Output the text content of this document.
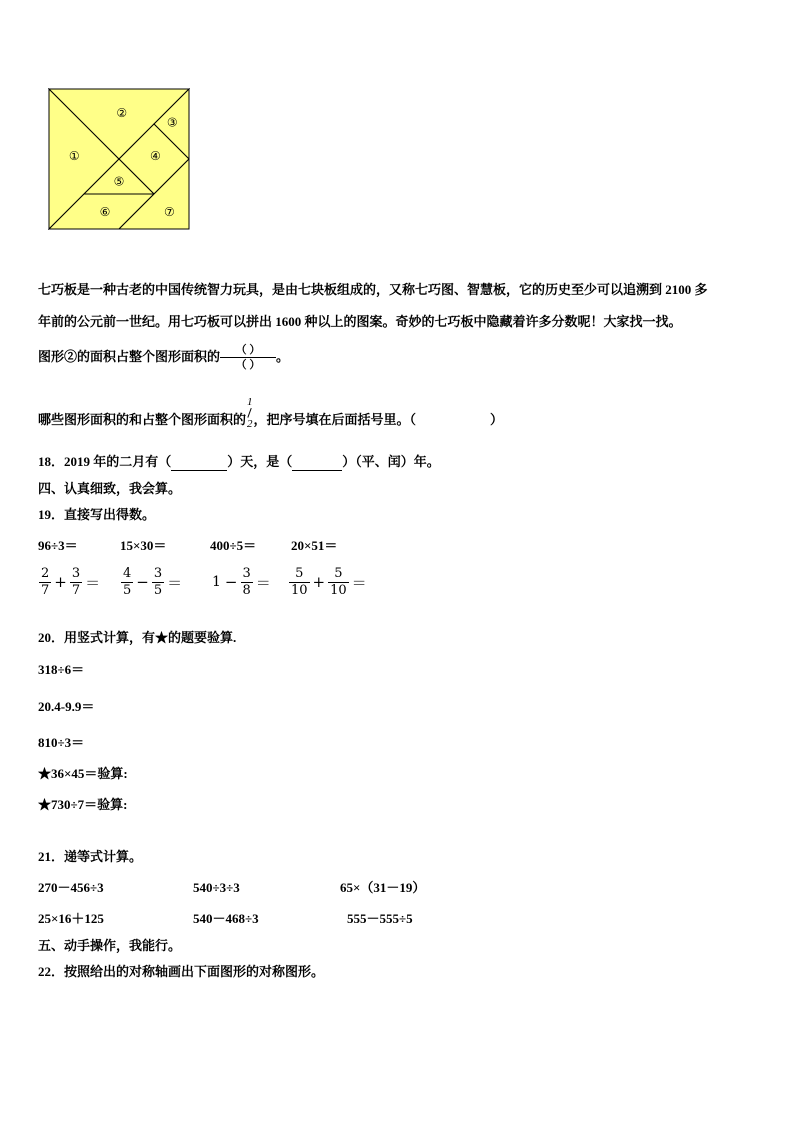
①
②
③
④
⑤
⑥	⑦
七巧板是一种古老的中国传统智力玩具，是由七块板组成的，又称七巧图、智慧板，它的历史至少可以追溯到 2100 多
年前的公元前一世纪。用七巧板可以拼出 1600 种以上的图案。奇妙的七巧板中隐藏着许多分数呢！大家找一找。
图形②的面积占整个图形面积的 （ ）
（ ）
。
哪些图形面积的和占整个图形面积的
1
2 ，把序号填在后面括号里。（	）
18．2019 年的二月有（	）天，是（	）（平、闰）年。
四、认真细致，我会算。
19．直接写出得数。
96÷3＝	15×30＝	400÷5＝	20×51＝
$\frac{2}{7} + \frac{3}{7} = \frac{4}{5} - \frac{3}{5} = 1 - \frac{3}{8} = \frac{5}{10} + \frac{5}{10}$ ＝
20．用竖式计算，有★的题要验算.
318÷6＝
20.4-9.9＝
810÷3＝
★36×45＝验算:
★730÷7＝验算:
21．递等式计算。
270－456÷3	540÷3÷3	65×（31－19）
25×16＋125	540－468÷3	555－555÷5
五、动手操作，我能行。
22．按照给出的对称轴画出下面图形的对称图形。
